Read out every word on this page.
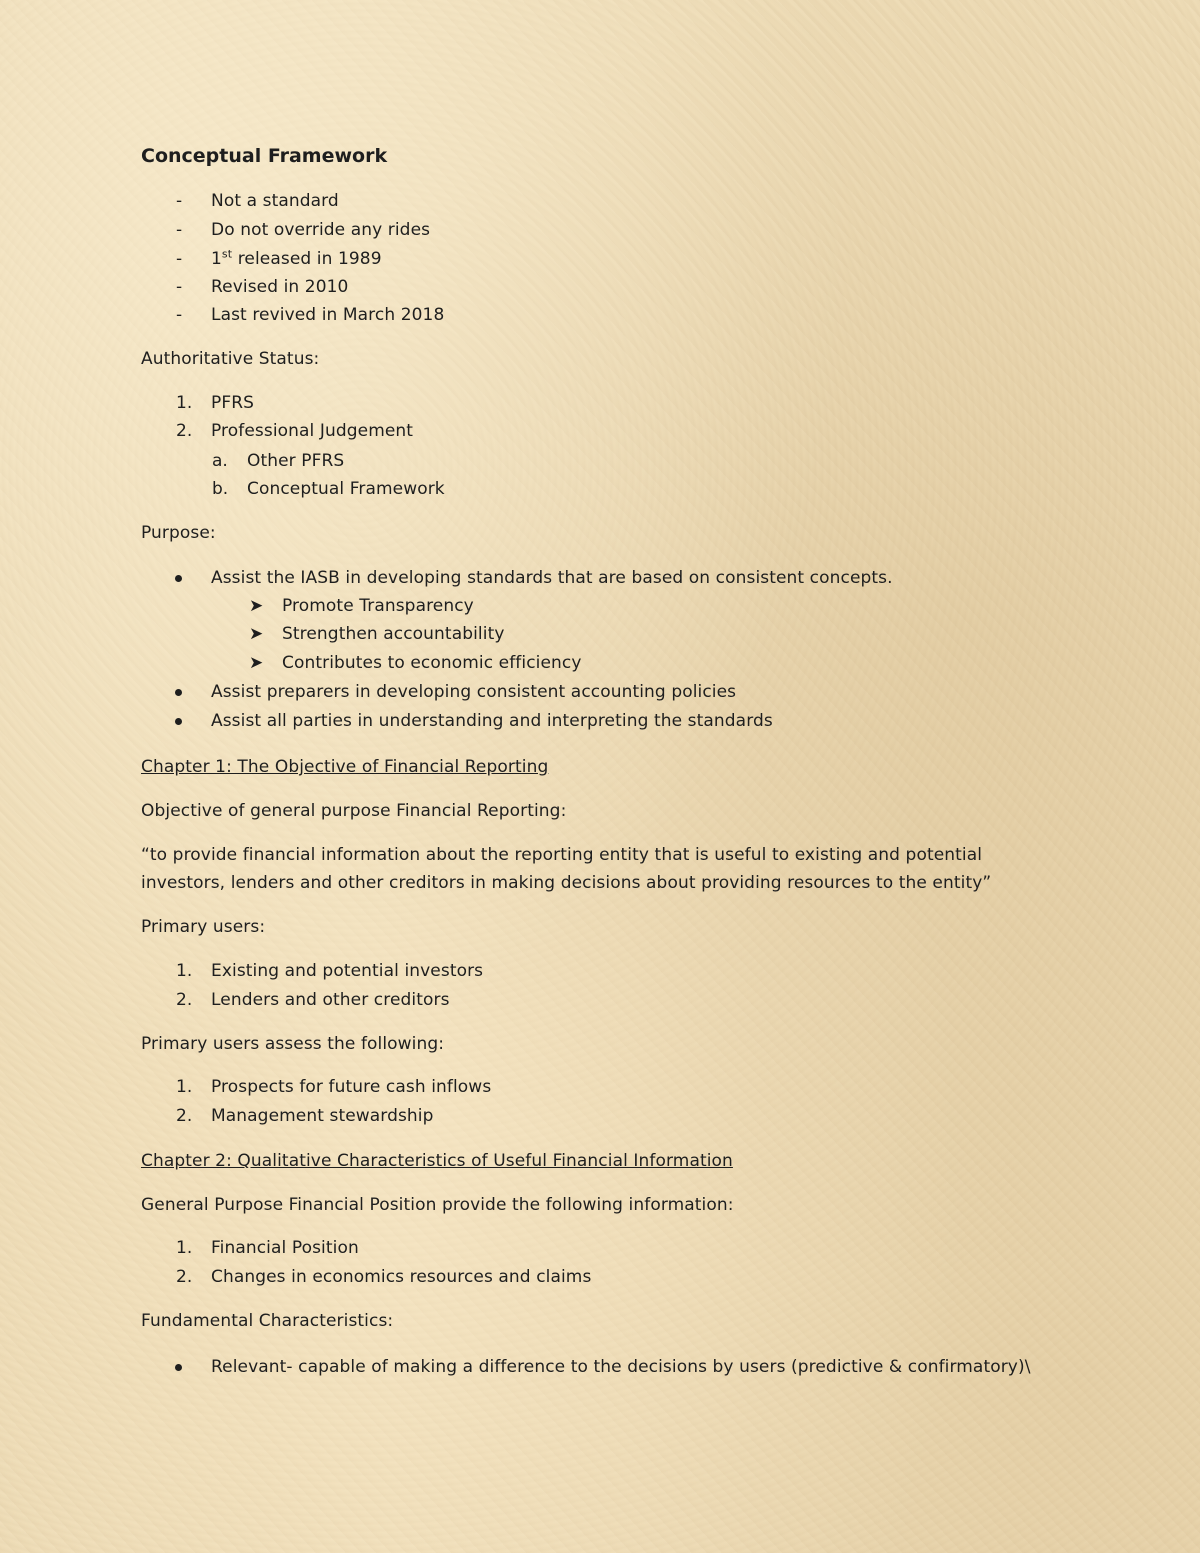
Conceptual Framework
- Not a standard
- Do not override any rides
- 1st released in 1989
- Revised in 2010
- Last revived in March 2018
Authoritative Status:
1. PFRS
2. Professional Judgement
a. Other PFRS
b. Conceptual Framework
Purpose:
Assist the IASB in developing standards that are based on consistent concepts.
➤ Promote Transparency
➤ Strengthen accountability
➤ Contributes to economic efficiency
Assist preparers in developing consistent accounting policies
Assist all parties in understanding and interpreting the standards
Chapter 1: The Objective of Financial Reporting
Objective of general purpose Financial Reporting:
“to provide financial information about the reporting entity that is useful to existing and potential
investors, lenders and other creditors in making decisions about providing resources to the entity”
Primary users:
1. Existing and potential investors
2. Lenders and other creditors
Primary users assess the following:
1. Prospects for future cash inflows
2. Management stewardship
Chapter 2: Qualitative Characteristics of Useful Financial Information
General Purpose Financial Position provide the following information:
1. Financial Position
2. Changes in economics resources and claims
Fundamental Characteristics:
Relevant- capable of making a difference to the decisions by users (predictive & confirmatory)\
